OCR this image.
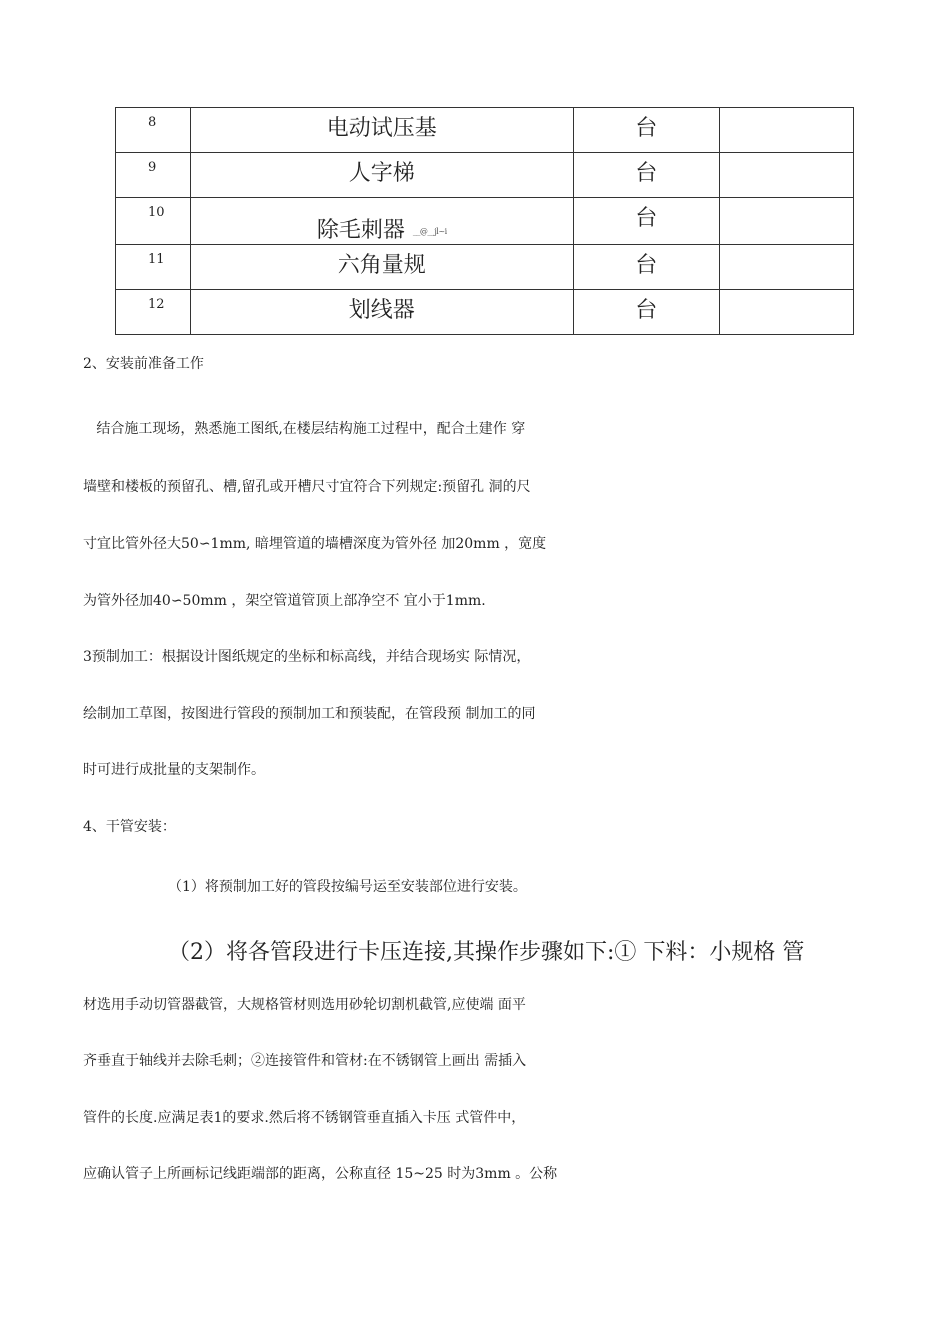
8	电动试压基	台	
9	人字梯	台	
10	除毛刺器 __@__jl~i	台	
11	六角量规	台	
12	划线器	台	

2、安装前准备工作

结合施工现场，熟悉施工图纸,在楼层结构施工过程中，配合土建作 穿

墙壁和楼板的预留孔、槽,留孔或开槽尺寸宜符合下列规定:预留孔 洞的尺

寸宜比管外径大50∽1mm, 暗埋管道的墙槽深度为管外径 加20mm ，宽度

为管外径加40∽50mm ，架空管道管顶上部净空不 宜小于1mm.

3预制加工：根据设计图纸规定的坐标和标高线，并结合现场实 际情况，

绘制加工草图，按图进行管段的预制加工和预装配，在管段预 制加工的同

时可进行成批量的支架制作。

4、干管安装：

（1）将预制加工好的管段按编号运至安装部位进行安装。

（2）将各管段进行卡压连接,其操作步骤如下:① 下料：小规格 管

材选用手动切管器截管，大规格管材则选用砂轮切割机截管,应使端 面平

齐垂直于轴线并去除毛刺；②连接管件和管材:在不锈钢管上画出 需插入

管件的长度.应满足表1的要求.然后将不锈钢管垂直插入卡压 式管件中，

应确认管子上所画标记线距端部的距离，公称直径 15~25 时为3mm 。公称
